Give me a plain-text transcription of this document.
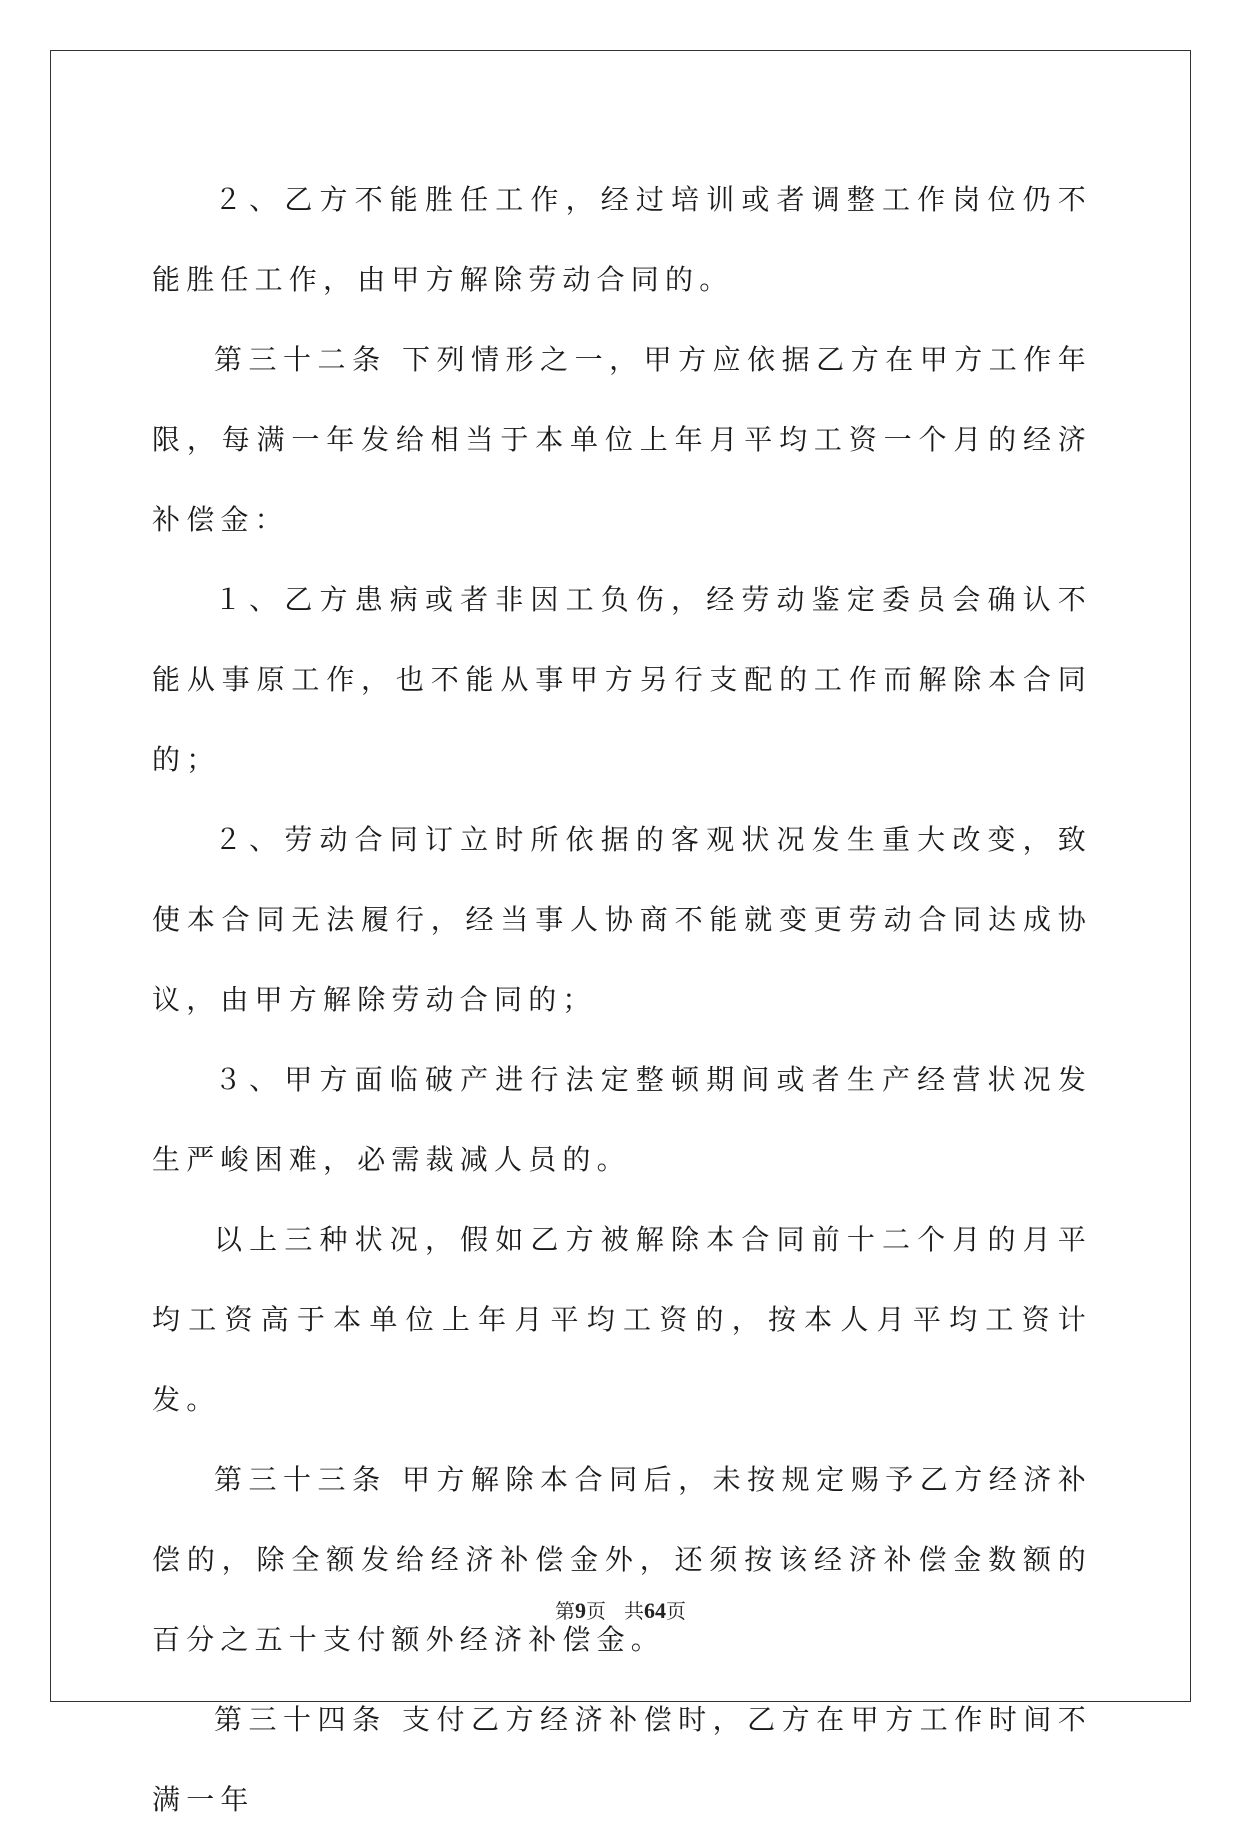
２、乙方不能胜任工作，经过培训或者调整工作岗位仍不能胜任工作，由甲方解除劳动合同的。

第三十二条 下列情形之一，甲方应依据乙方在甲方工作年限，每满一年发给相当于本单位上年月平均工资一个月的经济补偿金：

１、乙方患病或者非因工负伤，经劳动鉴定委员会确认不能从事原工作，也不能从事甲方另行支配的工作而解除本合同的；

２、劳动合同订立时所依据的客观状况发生重大改变，致使本合同无法履行，经当事人协商不能就变更劳动合同达成协议，由甲方解除劳动合同的；

３、甲方面临破产进行法定整顿期间或者生产经营状况发生严峻困难，必需裁减人员的。

以上三种状况，假如乙方被解除本合同前十二个月的月平均工资高于本单位上年月平均工资的，按本人月平均工资计发。

第三十三条 甲方解除本合同后，未按规定赐予乙方经济补偿的，除全额发给经济补偿金外，还须按该经济补偿金数额的百分之五十支付额外经济补偿金。

第三十四条 支付乙方经济补偿时，乙方在甲方工作时间不满一年

第9页 共64页
